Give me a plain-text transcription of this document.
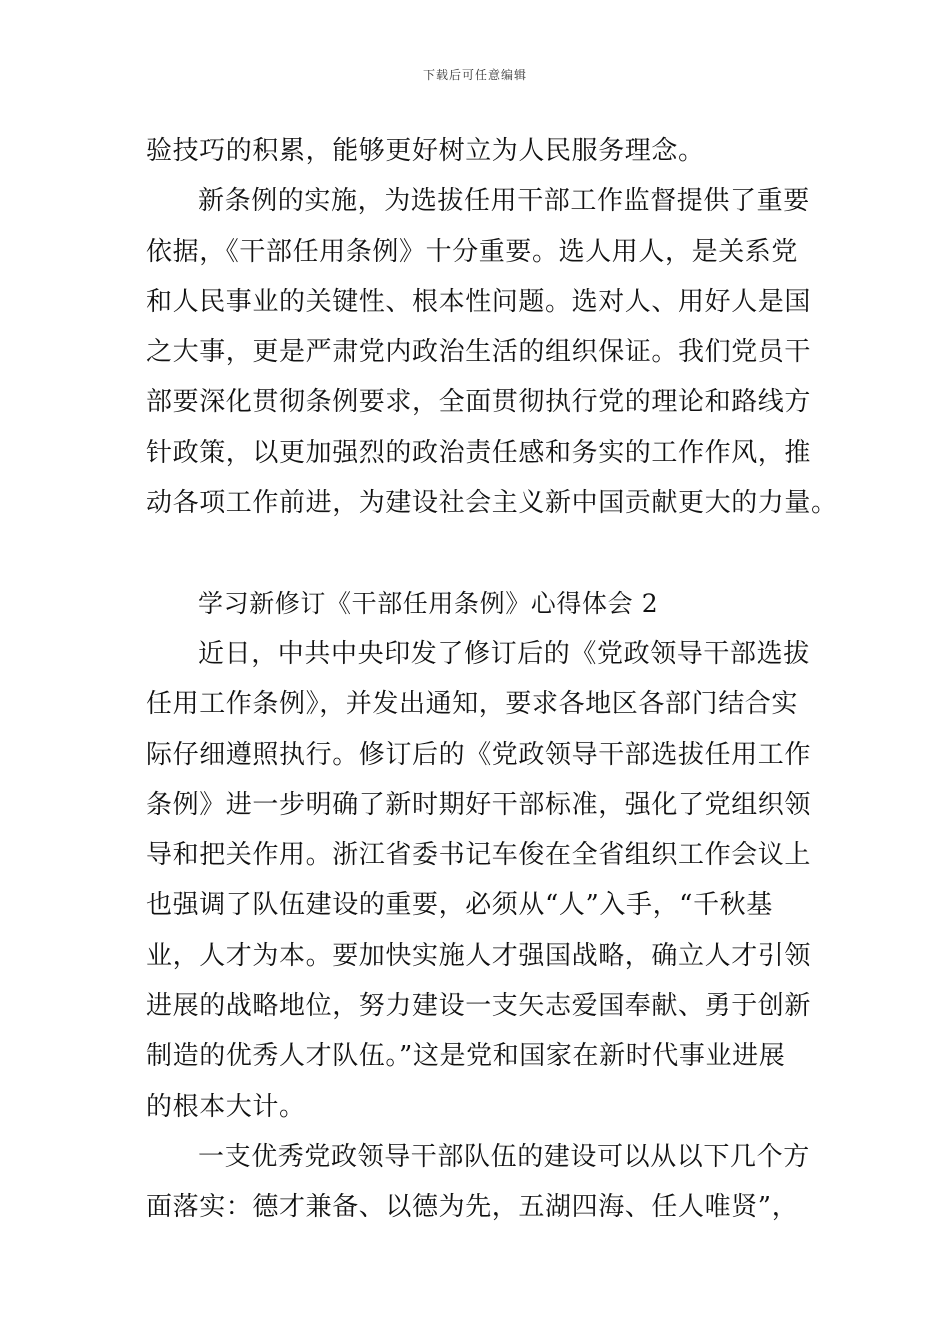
下载后可任意编辑
验技巧的积累，能够更好树立为人民服务理念。
新条例的实施，为选拔任用干部工作监督提供了重要
依据，《干部任用条例》十分重要。选人用人，是关系党
和人民事业的关键性、根本性问题。选对人、用好人是国
之大事，更是严肃党内政治生活的组织保证。我们党员干
部要深化贯彻条例要求，全面贯彻执行党的理论和路线方
针政策，以更加强烈的政治责任感和务实的工作作风，推
动各项工作前进，为建设社会主义新中国贡献更大的力量。
学习新修订《干部任用条例》心得体会 2
近日，中共中央印发了修订后的《党政领导干部选拔
任用工作条例》，并发出通知，要求各地区各部门结合实
际仔细遵照执行。修订后的《党政领导干部选拔任用工作
条例》进一步明确了新时期好干部标准，强化了党组织领
导和把关作用。浙江省委书记车俊在全省组织工作会议上
也强调了队伍建设的重要，必须从“人”入手，“千秋基
业，人才为本。要加快实施人才强国战略，确立人才引领
进展的战略地位，努力建设一支矢志爱国奉献、勇于创新
制造的优秀人才队伍。”这是党和国家在新时代事业进展
的根本大计。
一支优秀党政领导干部队伍的建设可以从以下几个方
面落实：德才兼备、以德为先，五湖四海、任人唯贤”，
